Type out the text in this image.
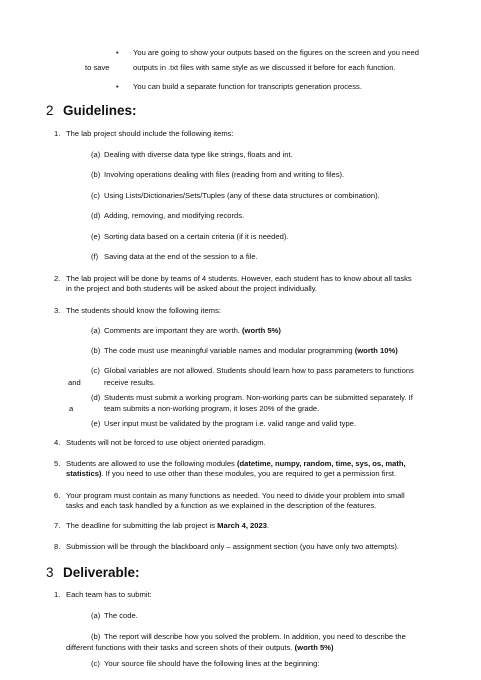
• You are going to show your outputs based on the figures on the screen and you need
to save	outputs in .txt files with same style as we discussed it before for each function.
• You can build a separate function for transcripts generation process.
2 Guidelines:
1. The lab project should include the following items:
(a) Dealing with diverse data type like strings, floats and int.
(b) Involving operations dealing with files (reading from and writing to files).
(c) Using Lists/Dictionaries/Sets/Tuples (any of these data structures or combination).
(d) Adding, removing, and modifying records.
(e) Sorting data based on a certain criteria (if it is needed).
(f) Saving data at the end of the session to a file.
2. The lab project will be done by teams of 4 students. However, each student has to know about all tasks
in the project and both students will be asked about the project individually.
3. The students should know the following items:
(a) Comments are important they are worth. (worth 5%)
(b) The code must use meaningful variable names and modular programming (worth 10%)
(c) Global variables are not allowed. Students should learn how to pass parameters to functions
and	receive results.
(d) Students must submit a working program. Non-working parts can be submitted separately. If
a	team submits a non-working program, it loses 20% of the grade.
(e) User input must be validated by the program i.e. valid range and valid type.
4. Students will not be forced to use object oriented paradigm.
5. Students are allowed to use the following modules (datetime, numpy, random, time, sys, os, math,
statistics). If you need to use other than these modules, you are required to get a permission first.
6. Your program must contain as many functions as needed. You need to divide your problem into small
tasks and each task handled by a function as we explained in the description of the features.
7. The deadline for submitting the lab project is March 4, 2023.
8. Submission will be through the blackboard only – assignment section (you have only two attempts).
3 Deliverable:
1. Each team has to submit:
(a) The code.
(b) The report will describe how you solved the problem. In addition, you need to describe the
different functions with their tasks and screen shots of their outputs. (worth 5%)
(c) Your source file should have the following lines at the beginning:
